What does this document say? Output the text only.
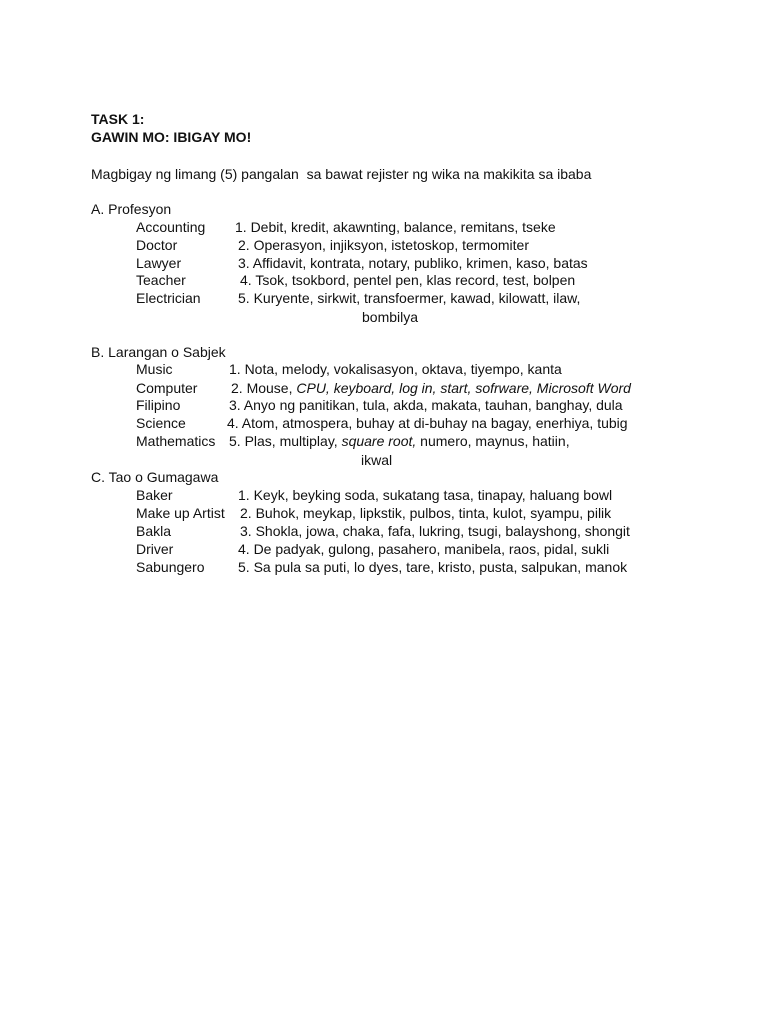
TASK 1:
GAWIN MO: IBIGAY MO!
Magbigay ng limang (5) pangalan  sa bawat rejister ng wika na makikita sa ibaba
A. Profesyon
Accounting 1. Debit, kredit, akawnting, balance, remitans, tseke
Doctor	2. Operasyon, injiksyon, istetoskop, termomiter
Lawyer	3. Affidavit, kontrata, notary, publiko, krimen, kaso, batas
Teacher	4. Tsok, tsokbord, pentel pen, klas record, test, bolpen
Electrician	5. Kuryente, sirkwit, transfoermer, kawad, kilowatt, ilaw,
bombilya
B. Larangan o Sabjek
Music	1. Nota, melody, vokalisasyon, oktava, tiyempo, kanta
Computer 2. Mouse, CPU, keyboard, log in, start, sofrware, Microsoft Word
Filipino	3. Anyo ng panitikan, tula, akda, makata, tauhan, banghay, dula
Science	4. Atom, atmospera, buhay at di-buhay na bagay, enerhiya, tubig
Mathematics 5. Plas, multiplay, square root, numero, maynus, hatiin,
ikwal
C. Tao o Gumagawa
Baker	1. Keyk, beyking soda, sukatang tasa, tinapay, haluang bowl
Make up Artist 2. Buhok, meykap, lipkstik, pulbos, tinta, kulot, syampu, pilik
Bakla	3. Shokla, jowa, chaka, fafa, lukring, tsugi, balayshong, shongit
Driver	4. De padyak, gulong, pasahero, manibela, raos, pidal, sukli
Sabungero 5. Sa pula sa puti, lo dyes, tare, kristo, pusta, salpukan, manok
